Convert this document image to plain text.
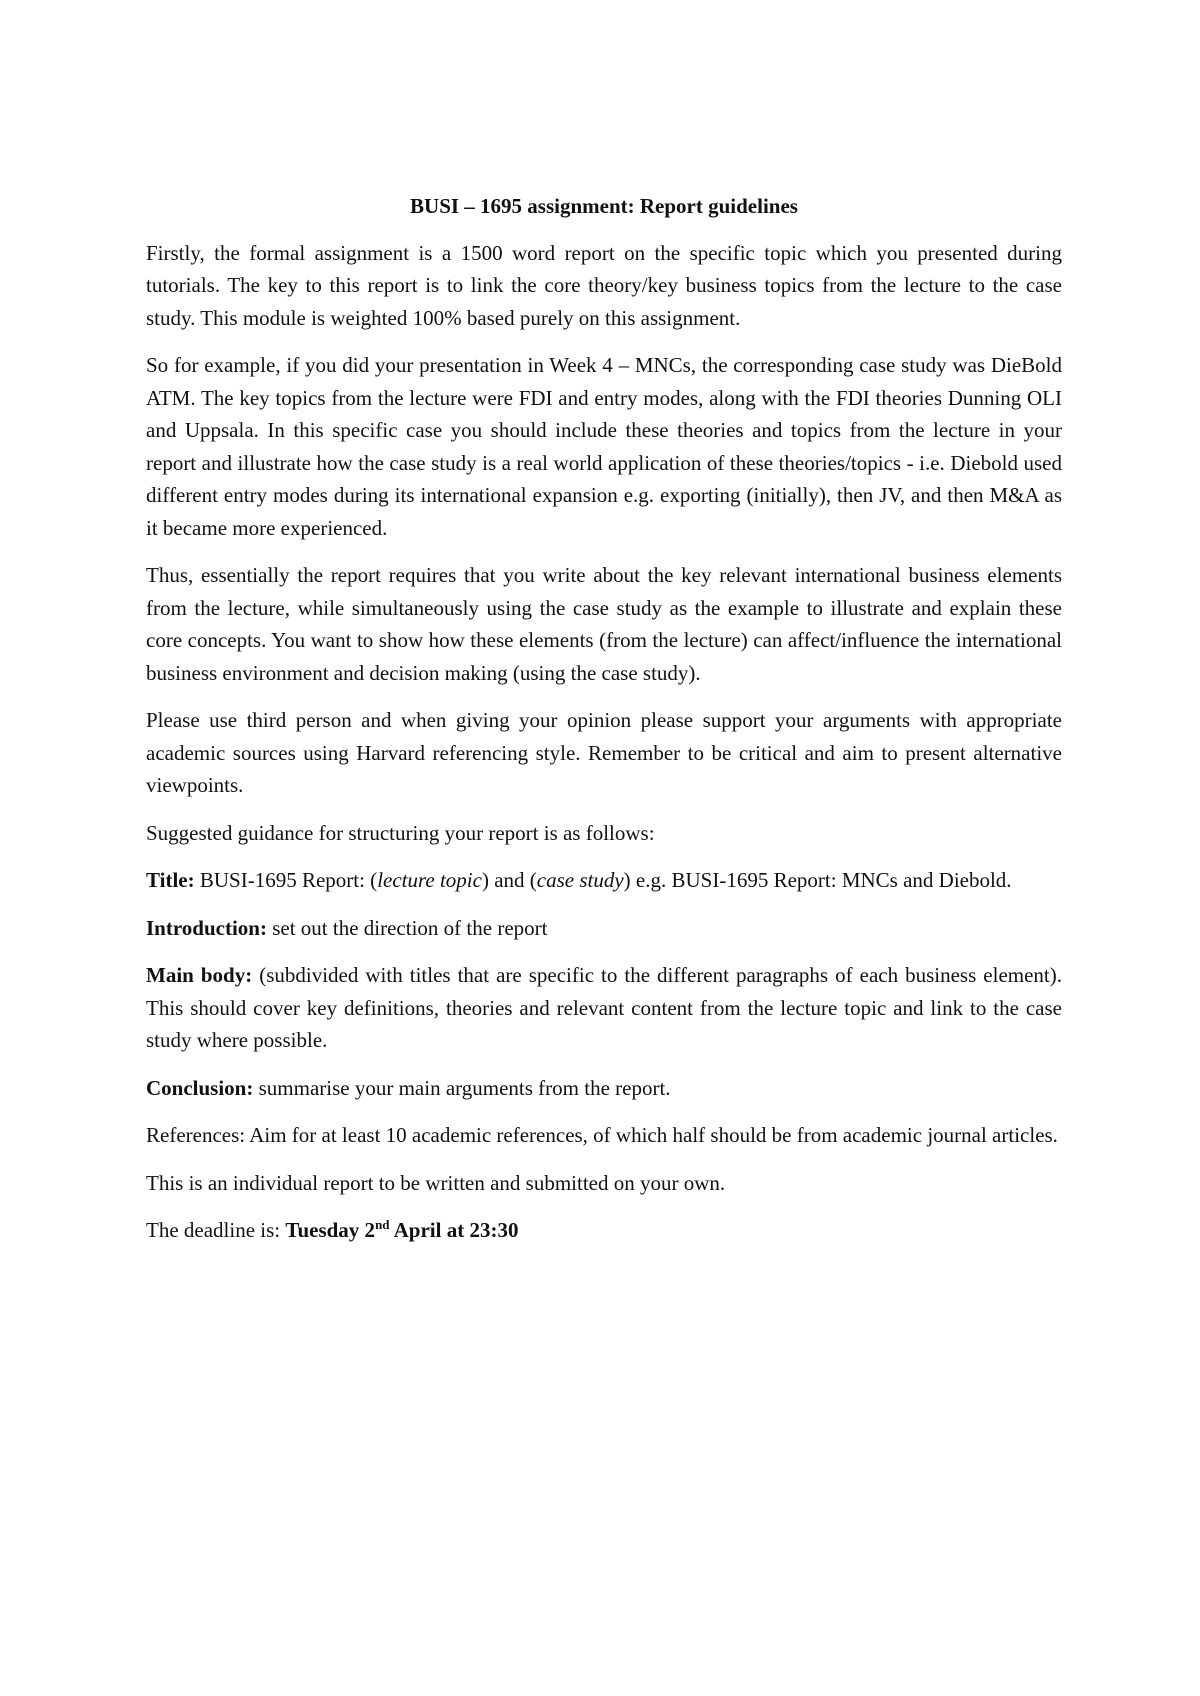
BUSI – 1695 assignment: Report guidelines

Firstly, the formal assignment is a 1500 word report on the specific topic which you presented during tutorials. The key to this report is to link the core theory/key business topics from the lecture to the case study. This module is weighted 100% based purely on this assignment.

So for example, if you did your presentation in Week 4 – MNCs, the corresponding case study was DieBold ATM. The key topics from the lecture were FDI and entry modes, along with the FDI theories Dunning OLI and Uppsala. In this specific case you should include these theories and topics from the lecture in your report and illustrate how the case study is a real world application of these theories/topics - i.e. Diebold used different entry modes during its international expansion e.g. exporting (initially), then JV, and then M&A as it became more experienced.

Thus, essentially the report requires that you write about the key relevant international business elements from the lecture, while simultaneously using the case study as the example to illustrate and explain these core concepts. You want to show how these elements (from the lecture) can affect/influence the international business environment and decision making (using the case study).

Please use third person and when giving your opinion please support your arguments with appropriate academic sources using Harvard referencing style. Remember to be critical and aim to present alternative viewpoints.

Suggested guidance for structuring your report is as follows:

Title: BUSI-1695 Report: (lecture topic) and (case study) e.g. BUSI-1695 Report: MNCs and Diebold.

Introduction: set out the direction of the report

Main body: (subdivided with titles that are specific to the different paragraphs of each business element). This should cover key definitions, theories and relevant content from the lecture topic and link to the case study where possible.

Conclusion: summarise your main arguments from the report.

References: Aim for at least 10 academic references, of which half should be from academic journal articles.

This is an individual report to be written and submitted on your own.

The deadline is: Tuesday 2nd April at 23:30
